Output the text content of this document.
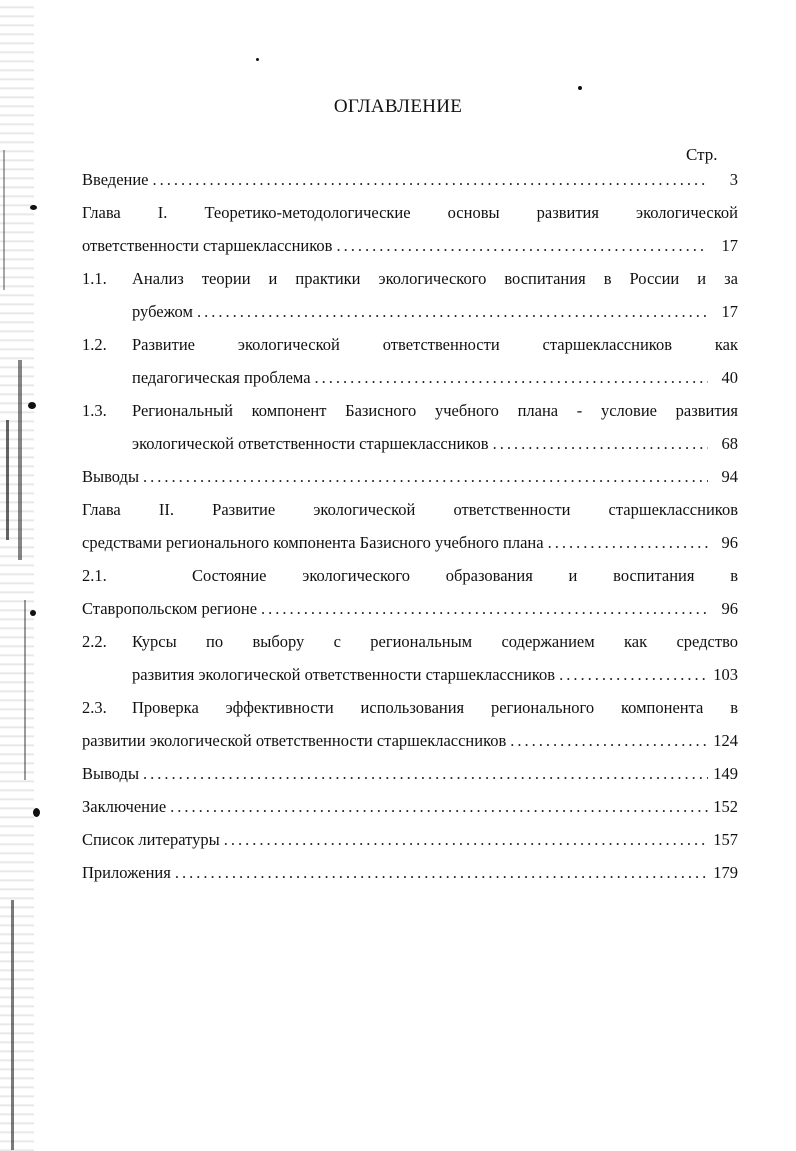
ОГЛАВЛЕНИЕ
Стр.
Введение .....	3
Глава I. Теоретико-методологические основы развития экологической
ответственности старшеклассников .....	17
1.1.	Анализ теории и практики экологического воспитания в России и за
рубежом .....	17
1.2.	Развитие экологической ответственности старшеклассников как
педагогическая проблема .....	40
1.3.	Региональный компонент Базисного учебного плана - условие развития
экологической ответственности старшеклассников .....	68
Выводы .....	94
Глава II. Развитие экологической ответственности старшеклассников
средствами регионального компонента Базисного учебного плана .....	96
2.1.	Состояние экологического образования и воспитания в
Ставропольском регионе .....	96
2.2.	Курсы по выбору с региональным содержанием как средство
развития экологической ответственности старшеклассников .....	103
2.3.	Проверка эффективности использования регионального компонента в
развитии экологической ответственности старшеклассников .....	124
Выводы .....	149
Заключение .....	152
Список литературы .....	157
Приложения .....	179
